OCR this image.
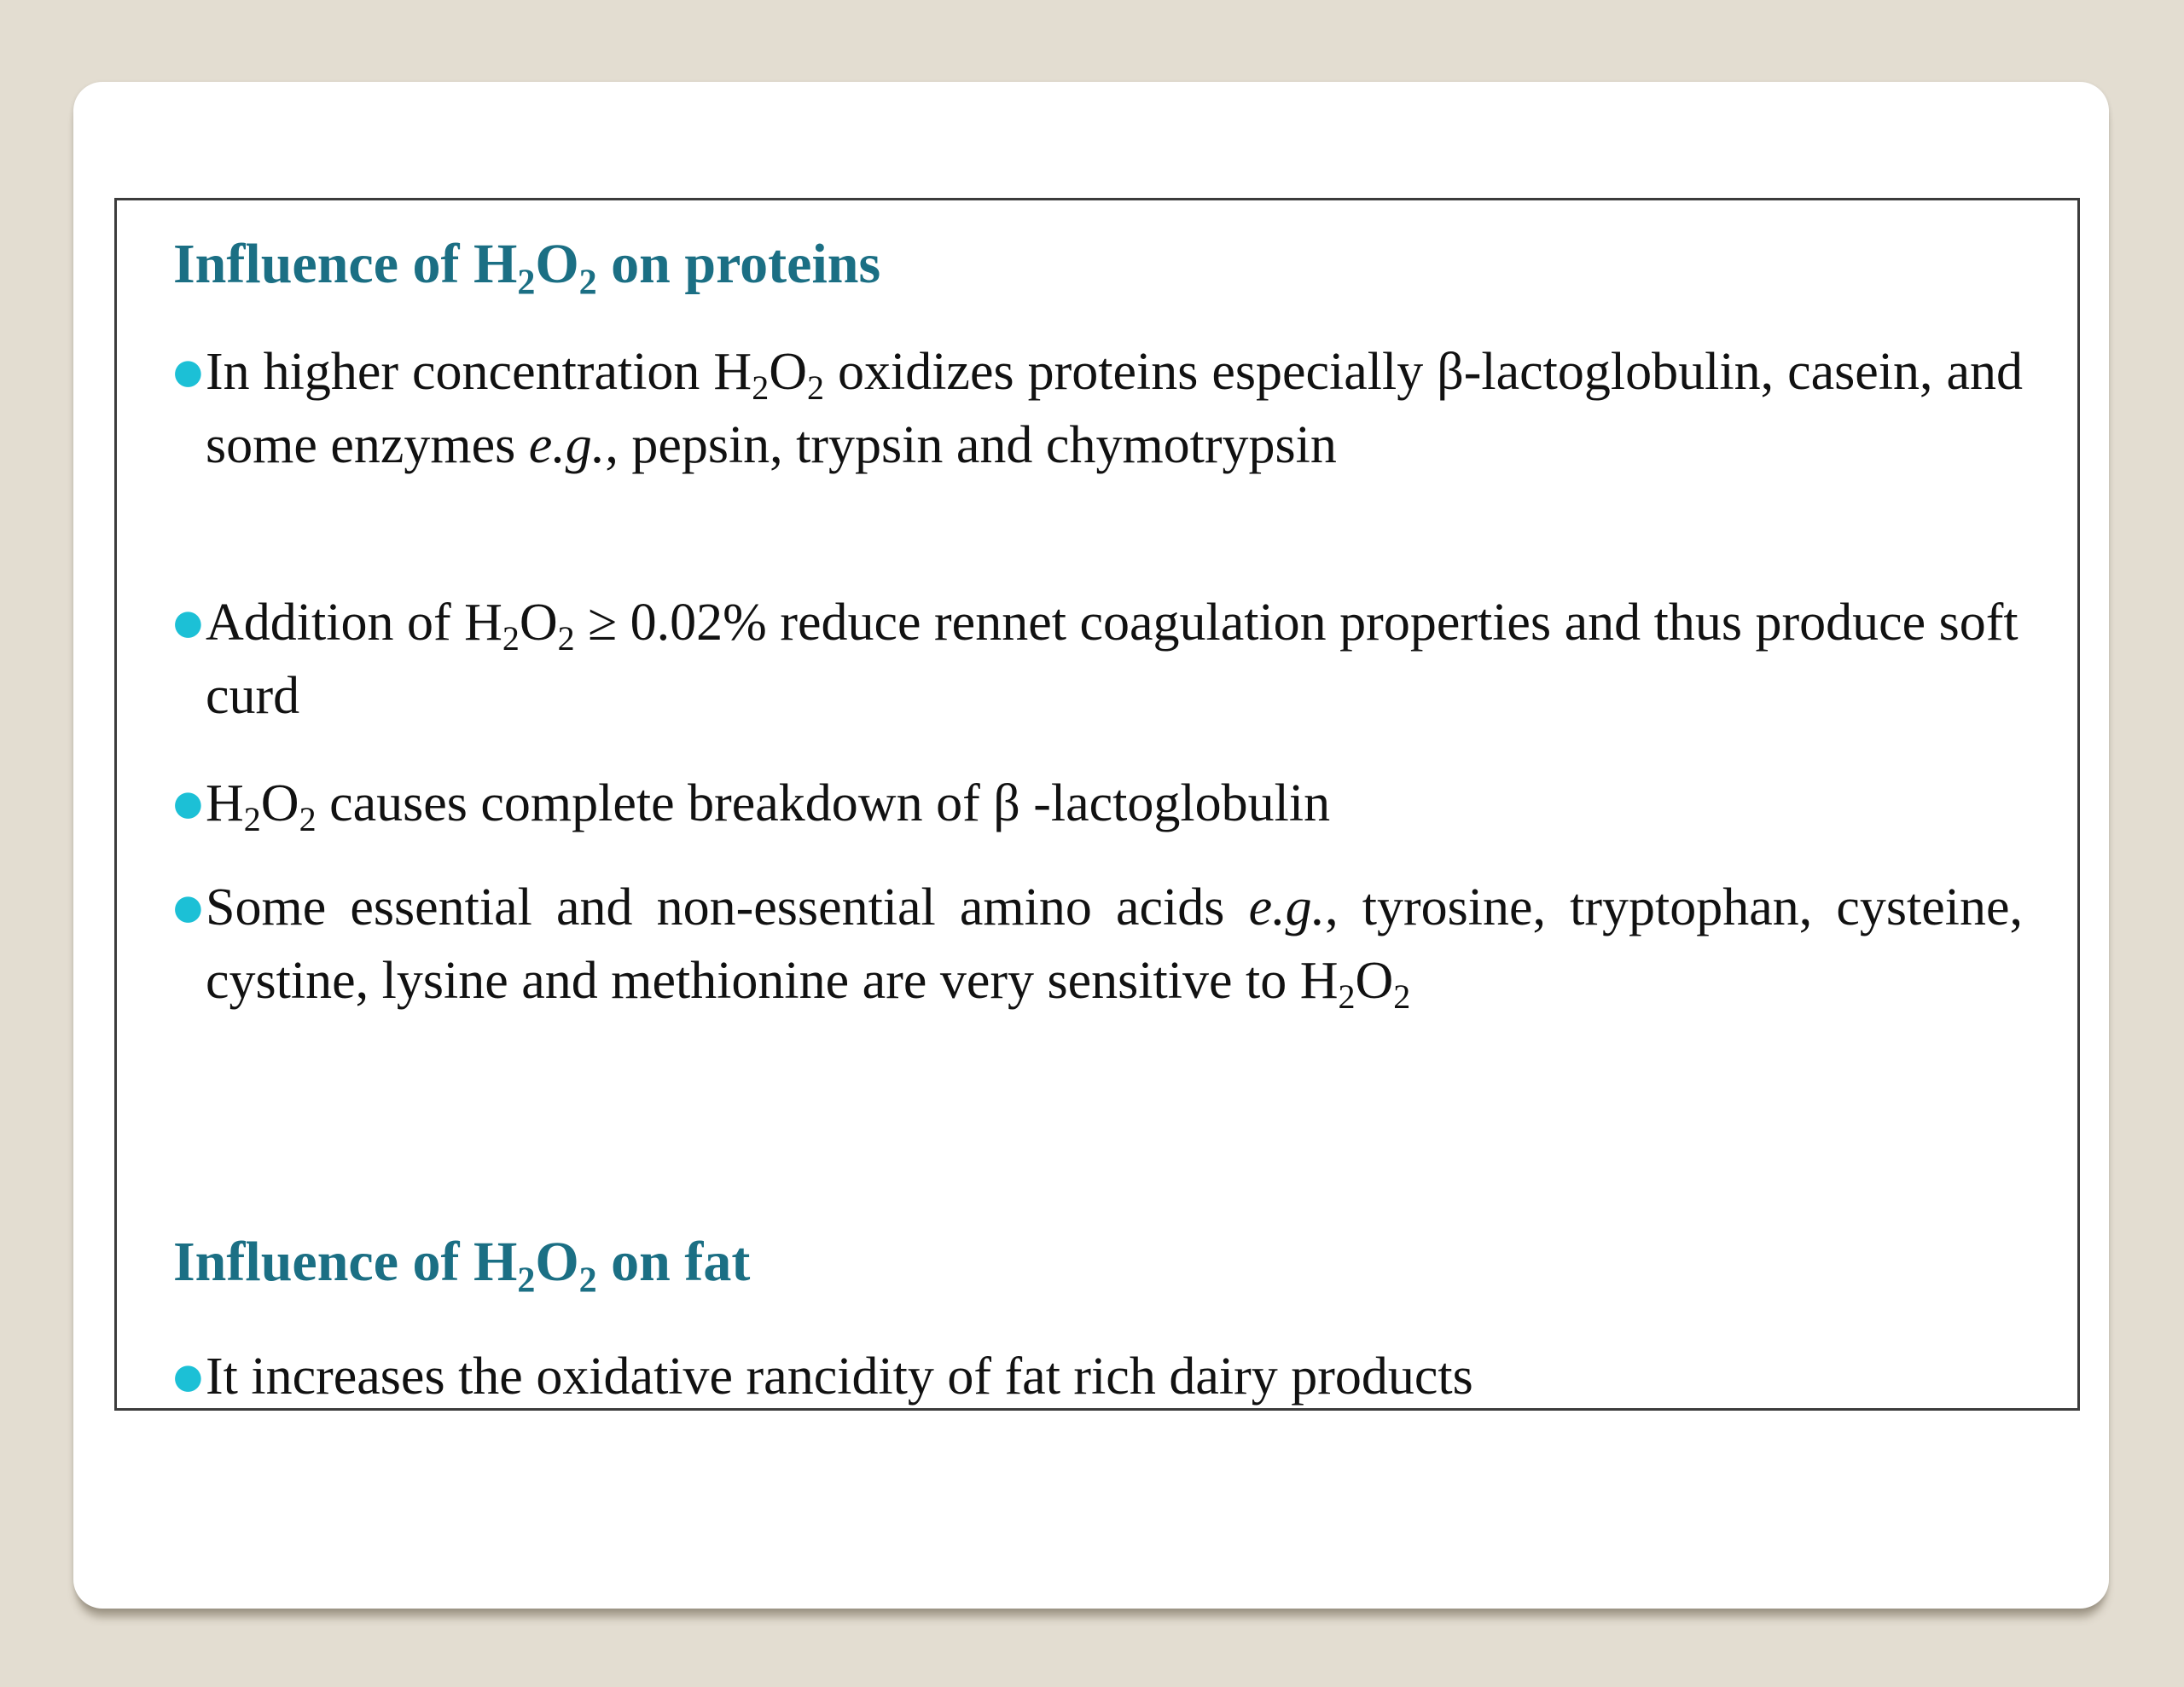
Influence of $H_2O_2$ on proteins
● In higher concentration $H_2O_2$ oxidizes proteins especially β-lactoglobulin, casein, and some enzymes e.g., pepsin, trypsin and chymotrypsin
● Addition of $H_2O_2 \ge 0.02\%$ reduce rennet coagulation properties and thus produce soft curd
● $H_2O_2$ causes complete breakdown of β -lactoglobulin
● Some essential and non-essential amino acids e.g., tyrosine, tryptophan, cysteine, cystine, lysine and methionine are very sensitive to $H_2O_2$
Influence of $H_2O_2$ on fat
● It increases the oxidative rancidity of fat rich dairy products
